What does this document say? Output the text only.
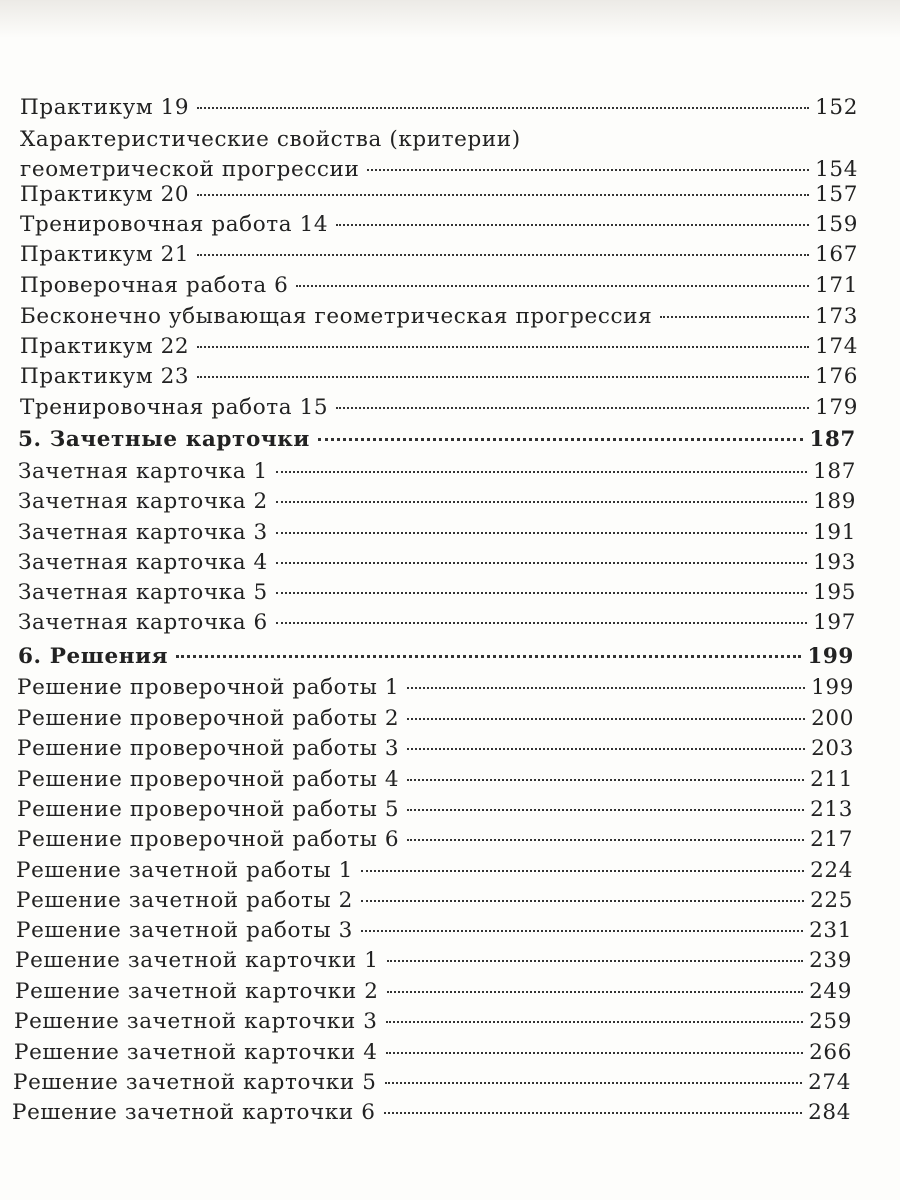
Практикум 19	152
Характеристические свойства (критерии)
геометрической прогрессии	154
Практикум 20	157
Тренировочная работа 14	159
Практикум 21	167
Проверочная работа 6	171
Бесконечно убывающая геометрическая прогрессия	173
Практикум 22	174
Практикум 23	176
Тренировочная работа 15	179
5. Зачетные карточки	187
Зачетная карточка 1	187
Зачетная карточка 2	189
Зачетная карточка 3	191
Зачетная карточка 4	193
Зачетная карточка 5	195
Зачетная карточка 6	197
6. Решения	199
Решение проверочной работы 1	199
Решение проверочной работы 2	200
Решение проверочной работы 3	203
Решение проверочной работы 4	211
Решение проверочной работы 5	213
Решение проверочной работы 6	217
Решение зачетной работы 1	224
Решение зачетной работы 2	225
Решение зачетной работы 3	231
Решение зачетной карточки 1	239
Решение зачетной карточки 2	249
Решение зачетной карточки 3	259
Решение зачетной карточки 4	266
Решение зачетной карточки 5	274
Решение зачетной карточки 6	284
